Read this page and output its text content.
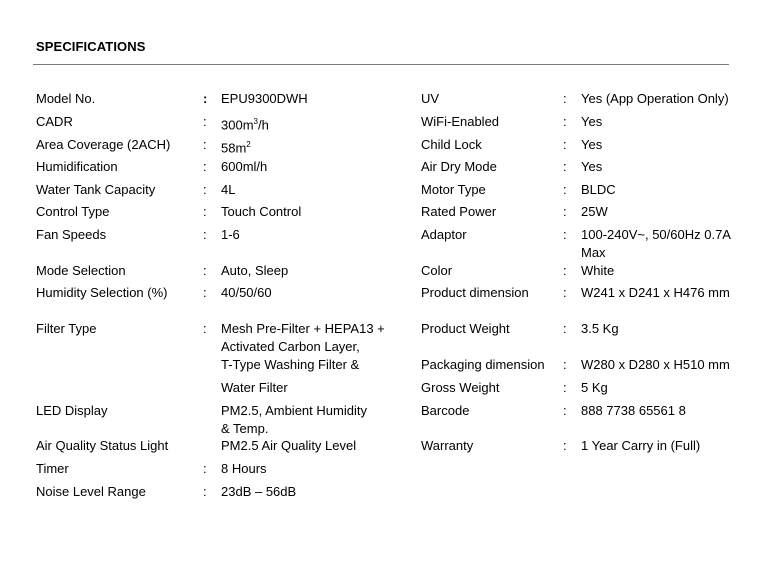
SPECIFICATIONS
Model No.	: EPU9300DWH
CADR	: $300m^3/h$
Area Coverage (2ACH)	: $58m^2$
Humidification	: 600ml/h
Water Tank Capacity	: 4L
Control Type	: Touch Control
Fan Speeds	: 1-6
Mode Selection	: Auto, Sleep
Humidity Selection (%)	: 40/50/60
Filter Type	: Mesh Pre-Filter + HEPA13 +
Activated Carbon Layer,
T-Type Washing Filter &
Water Filter
LED Display	PM2.5, Ambient Humidity
& Temp.
Air Quality Status Light	PM2.5 Air Quality Level
Timer	: 8 Hours
Noise Level Range	: 23dB – 56dB
UV	: Yes (App Operation Only)
WiFi-Enabled	: Yes
Child Lock	: Yes
Air Dry Mode	: Yes
Motor Type	: BLDC
Rated Power	: 25W
Adaptor	: 100-240V~, 50/60Hz 0.7A
Max
Color	: White
Product dimension	: W241 x D241 x H476 mm
Product Weight	: 3.5 Kg
Packaging dimension : W280 x D280 x H510 mm
Gross Weight	: 5 Kg
Barcode	: 888 7738 65561 8
Warranty	: 1 Year Carry in (Full)
